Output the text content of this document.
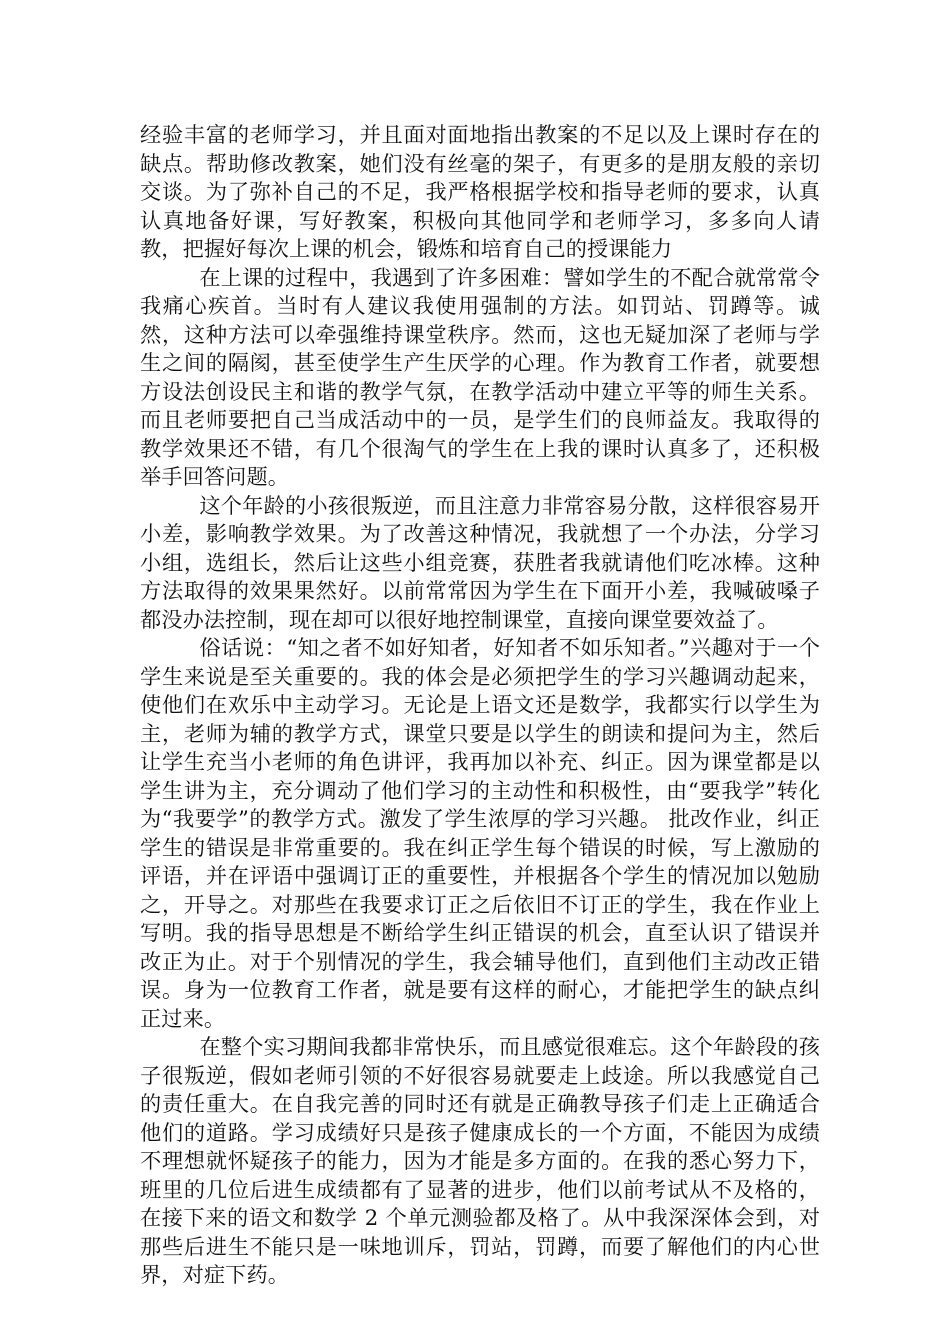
经验丰富的老师学习，并且面对面地指出教案的不足以及上课时存在的缺点。帮助修改教案，她们没有丝毫的架子，有更多的是朋友般的亲切交谈。为了弥补自己的不足，我严格根据学校和指导老师的要求，认真认真地备好课，写好教案，积极向其他同学和老师学习，多多向人请教，把握好每次上课的机会，锻炼和培育自己的授课能力

在上课的过程中，我遇到了许多困难：譬如学生的不配合就常常令我痛心疾首。当时有人建议我使用强制的方法。如罚站、罚蹲等。诚然，这种方法可以牵强维持课堂秩序。然而，这也无疑加深了老师与学生之间的隔阂，甚至使学生产生厌学的心理。作为教育工作者，就要想方设法创设民主和谐的教学气氛，在教学活动中建立平等的师生关系。而且老师要把自己当成活动中的一员，是学生们的良师益友。我取得的教学效果还不错，有几个很淘气的学生在上我的课时认真多了，还积极举手回答问题。

这个年龄的小孩很叛逆，而且注意力非常容易分散，这样很容易开小差，影响教学效果。为了改善这种情况，我就想了一个办法，分学习小组，选组长，然后让这些小组竞赛，获胜者我就请他们吃冰棒。这种方法取得的效果果然好。以前常常因为学生在下面开小差，我喊破嗓子都没办法控制，现在却可以很好地控制课堂，直接向课堂要效益了。

俗话说：“知之者不如好知者，好知者不如乐知者。”兴趣对于一个学生来说是至关重要的。我的体会是必须把学生的学习兴趣调动起来，使他们在欢乐中主动学习。无论是上语文还是数学，我都实行以学生为主，老师为辅的教学方式，课堂只要是以学生的朗读和提问为主，然后让学生充当小老师的角色讲评，我再加以补充、纠正。因为课堂都是以学生讲为主，充分调动了他们学习的主动性和积极性，由“要我学”转化为“我要学”的教学方式。激发了学生浓厚的学习兴趣。 批改作业，纠正学生的错误是非常重要的。我在纠正学生每个错误的时候，写上激励的评语，并在评语中强调订正的重要性，并根据各个学生的情况加以勉励之，开导之。对那些在我要求订正之后依旧不订正的学生，我在作业上写明。我的指导思想是不断给学生纠正错误的机会，直至认识了错误并改正为止。对于个别情况的学生，我会辅导他们，直到他们主动改正错误。身为一位教育工作者，就是要有这样的耐心，才能把学生的缺点纠正过来。

在整个实习期间我都非常快乐，而且感觉很难忘。这个年龄段的孩子很叛逆，假如老师引领的不好很容易就要走上歧途。所以我感觉自己的责任重大。在自我完善的同时还有就是正确教导孩子们走上正确适合他们的道路。学习成绩好只是孩子健康成长的一个方面，不能因为成绩不理想就怀疑孩子的能力，因为才能是多方面的。在我的悉心努力下，班里的几位后进生成绩都有了显著的进步，他们以前考试从不及格的，在接下来的语文和数学 2 个单元测验都及格了。从中我深深体会到，对那些后进生不能只是一味地训斥，罚站，罚蹲，而要了解他们的内心世界，对症下药。
